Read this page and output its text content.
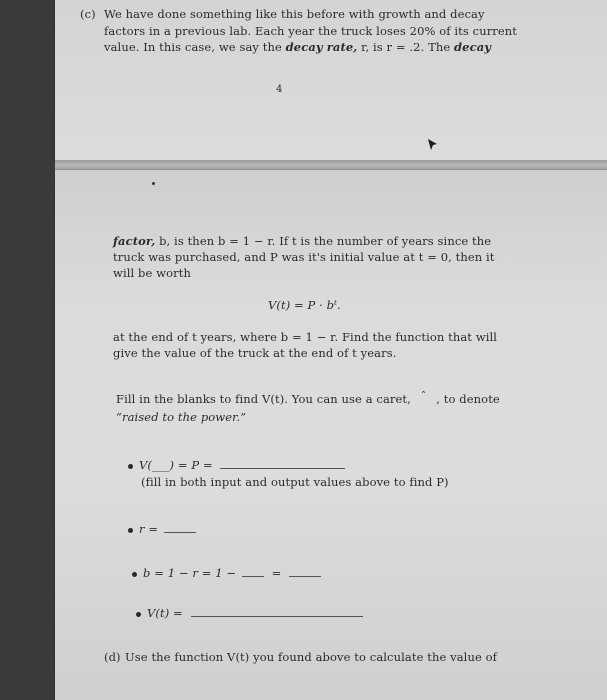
(c) We have done something like this before with growth and decay
factors in a previous lab. Each year the truck loses 20% of its current
value. In this case, we say the decay rate, r, is r = .2. The decay
4
factor, b, is then b = 1 − r. If t is the number of years since the
truck was purchased, and P was it's initial value at t = 0, then it
will be worth
V(t) = P · bᵗ.
at the end of t years, where b = 1 − r. Find the function that will
give the value of the truck at the end of t years.
Fill in the blanks to find V(t). You can use a caret, ˆ , to denote
“raised to the power.”
V(___) = P =
(fill in both input and output values above to find P)
r =
b = 1 − r = 1 −	=
V(t) =
(d) Use the function V(t) you found above to calculate the value of
